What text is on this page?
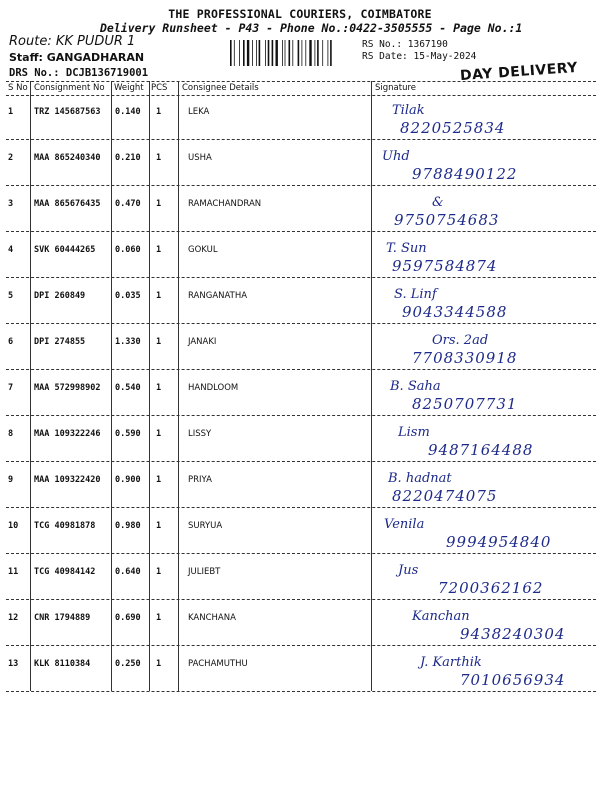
THE PROFESSIONAL COURIERS, COIMBATORE
Delivery Runsheet - P43 - Phone No.:0422-3505555 - Page No.:1
Route: KK PUDUR 1
Staff: GANGADHARAN
DRS No.: DCJB136719001
RS No.: 1367190
RS Date: 15-May-2024
DAY DELIVERY
S No Consignment No Weight PCS Consignee Details	Signature
1 TRZ 145687563 0.140 1	LEKA	Tilak
8220525834
2 MAA 865240340 0.210 1	USHA	Uhd
9788490122
3 MAA 865676435 0.470 1	RAMACHANDRAN	&
9750754683
4 SVK 60444265 0.060 1	GOKUL	T. Sun
9597584874
5 DPI 260849	0.035 1	RANGANATHA	S. Linf
9043344588
6 DPI 274855	1.330 1	JANAKI	Ors. 2ad
7708330918
7 MAA 572998902 0.540 1	HANDLOOM	B. Saha
8250707731
8 MAA 109322246 0.590 1	LISSY	Lism
9487164488
9 MAA 109322420 0.900 1	PRIYA	B. hadnat
8220474075
10 TCG 40981878 0.980 1	SURYUA	Venila
9994954840
11 TCG 40984142 0.640 1	JULIEBT	Jus
7200362162
12 CNR 1794889	0.690 1	KANCHANA	Kanchan
9438240304
13 KLK 8110384	0.250 1	PACHAMUTHU	J. Karthik
7010656934
